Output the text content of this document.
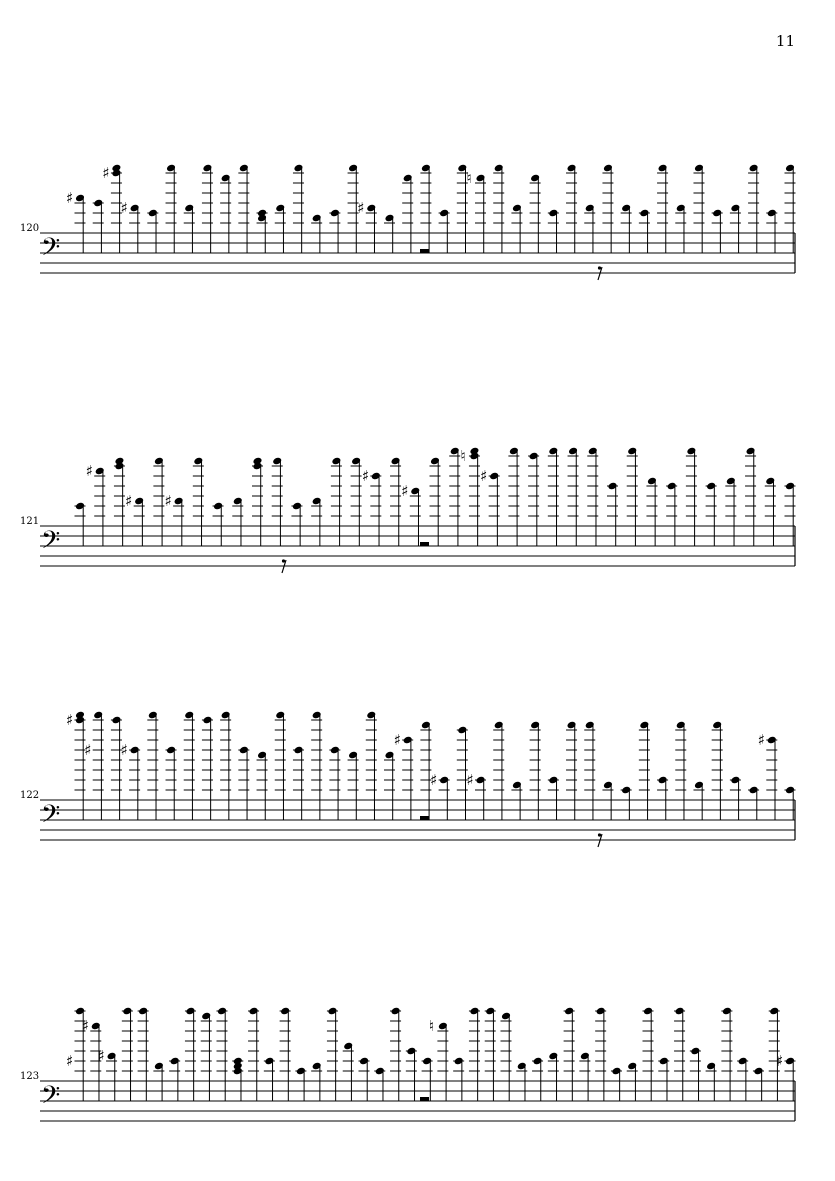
11
𝄢
120
♯
♯
♯	♯
♮
𝄢
121
♯
♯ ♯
♯
♯
♮
♯
𝄢
122
♯
♯ ♯
♯
♯ ♯
♯
𝄢
123
♯
♯
♯
♮
♯
